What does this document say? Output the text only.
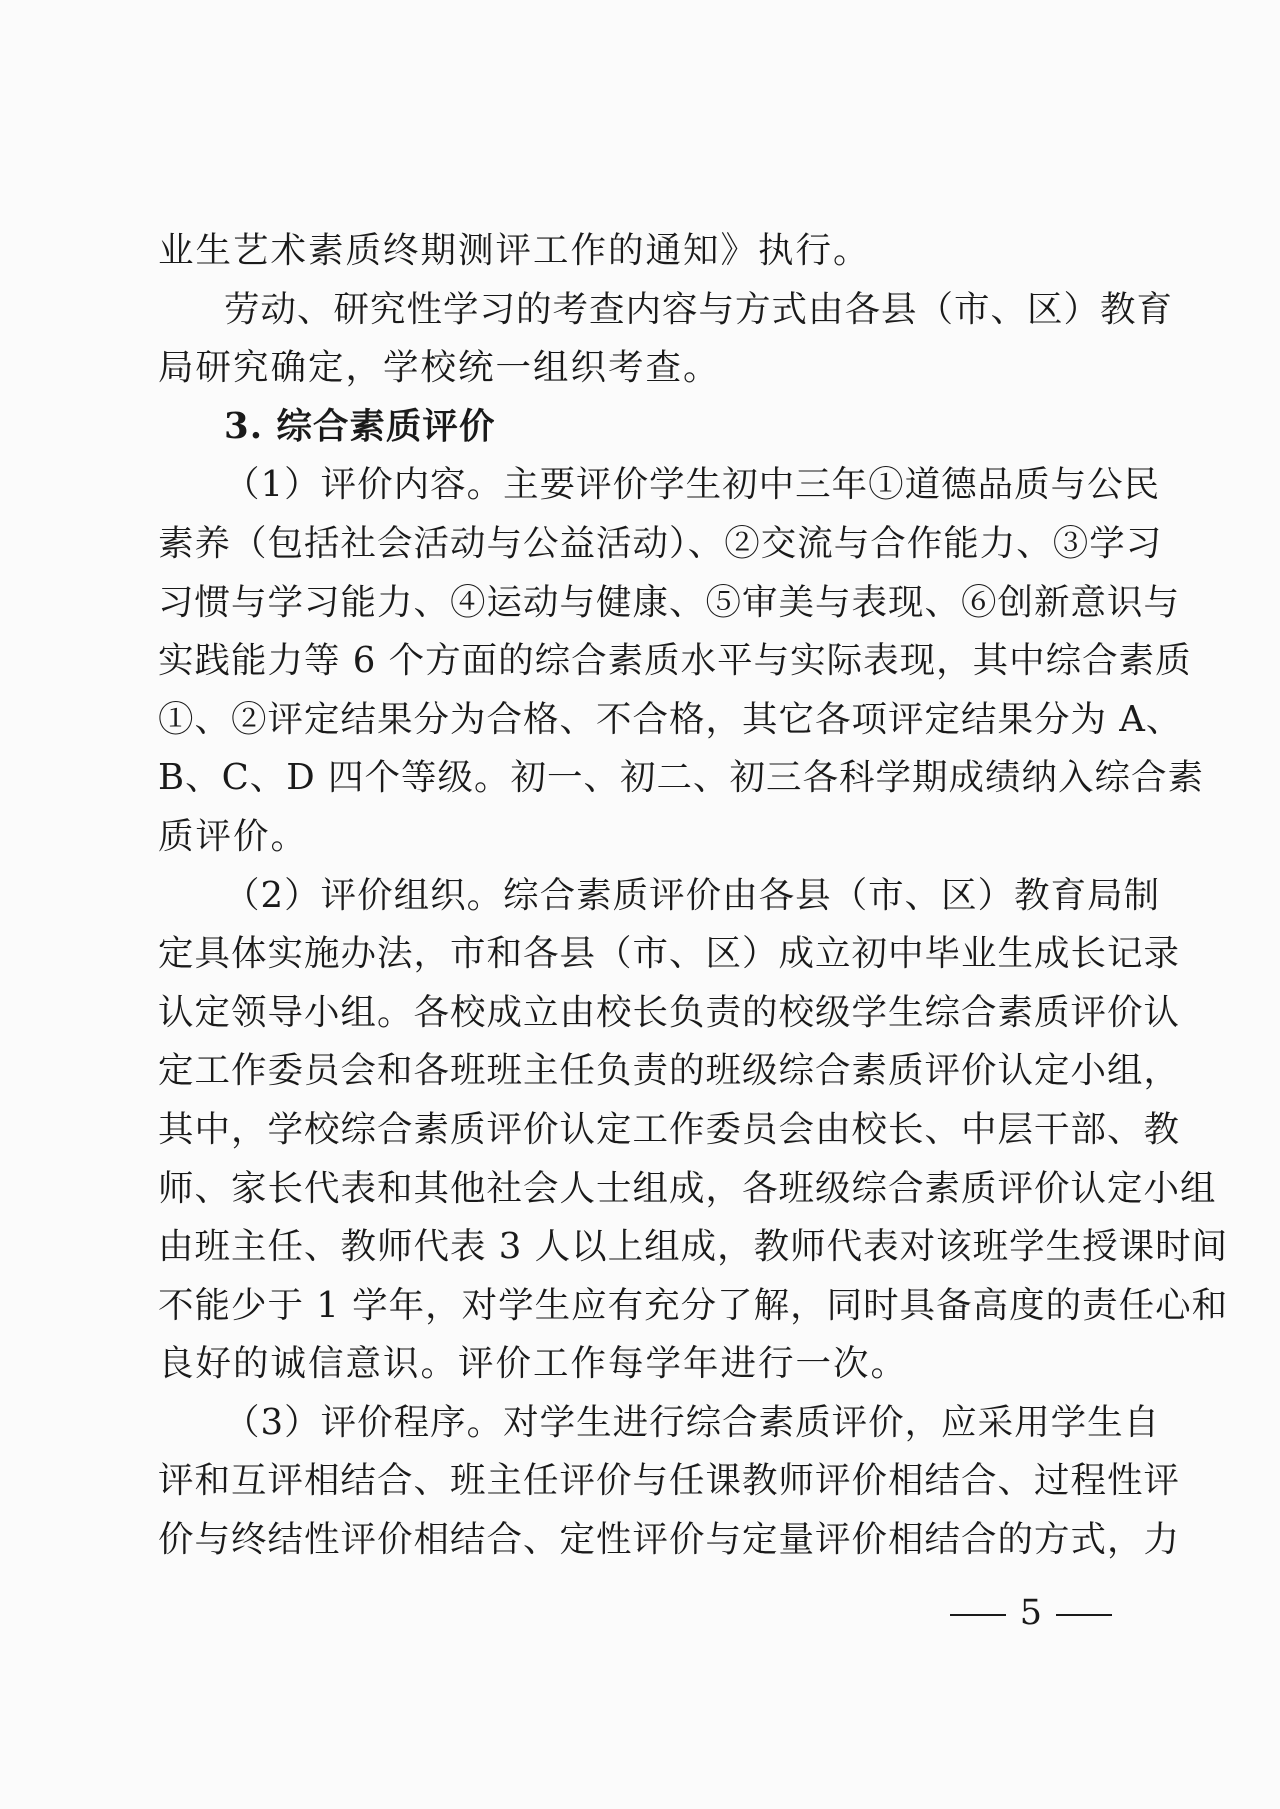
业生艺术素质终期测评工作的通知》执行。
劳动、研究性学习的考查内容与方式由各县（市、区）教育
局研究确定，学校统一组织考查。
3. 综合素质评价
（1）评价内容。主要评价学生初中三年①道德品质与公民
素养（包括社会活动与公益活动）、②交流与合作能力、③学习
习惯与学习能力、④运动与健康、⑤审美与表现、⑥创新意识与
实践能力等 6 个方面的综合素质水平与实际表现，其中综合素质
①、②评定结果分为合格、不合格，其它各项评定结果分为 A、
B、C、D 四个等级。初一、初二、初三各科学期成绩纳入综合素
质评价。
（2）评价组织。综合素质评价由各县（市、区）教育局制
定具体实施办法，市和各县（市、区）成立初中毕业生成长记录
认定领导小组。各校成立由校长负责的校级学生综合素质评价认
定工作委员会和各班班主任负责的班级综合素质评价认定小组，
其中，学校综合素质评价认定工作委员会由校长、中层干部、教
师、家长代表和其他社会人士组成，各班级综合素质评价认定小组
由班主任、教师代表 3 人以上组成，教师代表对该班学生授课时间
不能少于 1 学年，对学生应有充分了解，同时具备高度的责任心和
良好的诚信意识。评价工作每学年进行一次。
（3）评价程序。对学生进行综合素质评价，应采用学生自
评和互评相结合、班主任评价与任课教师评价相结合、过程性评
价与终结性评价相结合、定性评价与定量评价相结合的方式，力
5
